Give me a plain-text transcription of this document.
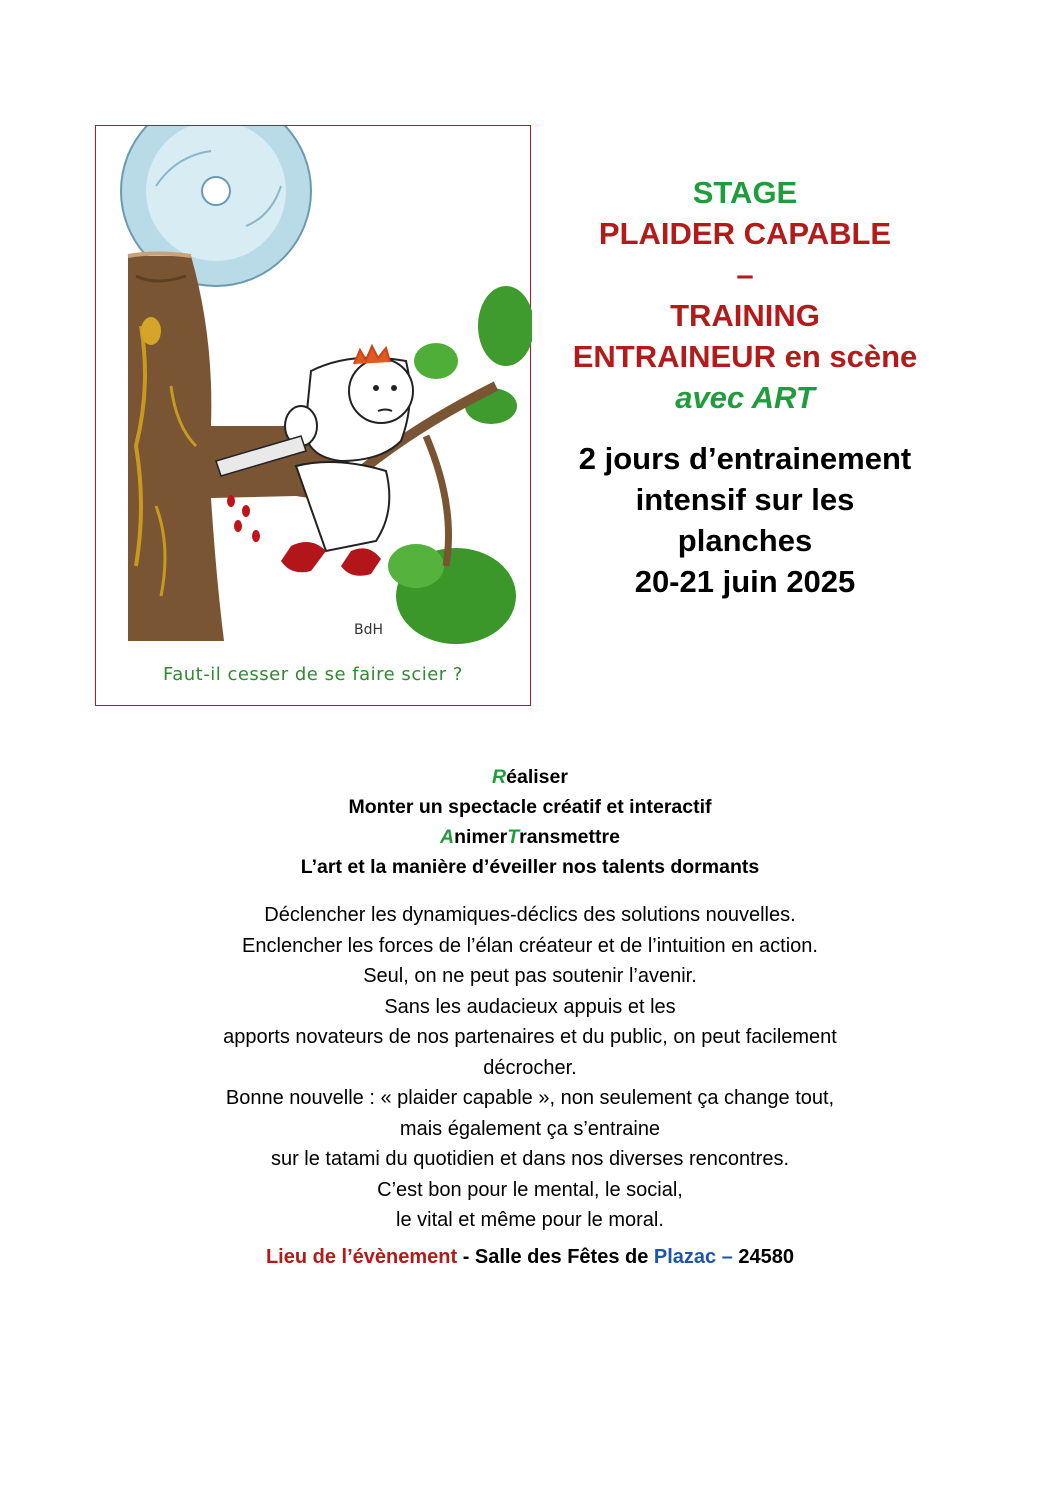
BdH
Faut-il cesser de se faire scier ?
STAGE
PLAIDER CAPABLE
–
TRAINING
ENTRAINEUR en scène
avec ART
2 jours d’entrainement
intensif sur les
planches
20-21 juin 2025
Réaliser
Monter un spectacle créatif et interactif
AnimerTransmettre
L’art et la manière d’éveiller nos talents dormants
Déclencher les dynamiques-déclics des solutions nouvelles.
Enclencher les forces de l’élan créateur et de l’intuition en action.
Seul, on ne peut pas soutenir l’avenir.
Sans les audacieux appuis et les
apports novateurs de nos partenaires et du public, on peut facilement
décrocher.
Bonne nouvelle : « plaider capable », non seulement ça change tout,
mais également ça s’entraine
sur le tatami du quotidien et dans nos diverses rencontres.
C’est bon pour le mental, le social,
le vital et même pour le moral.
Lieu de l’évènement - Salle des Fêtes de Plazac – 24580
